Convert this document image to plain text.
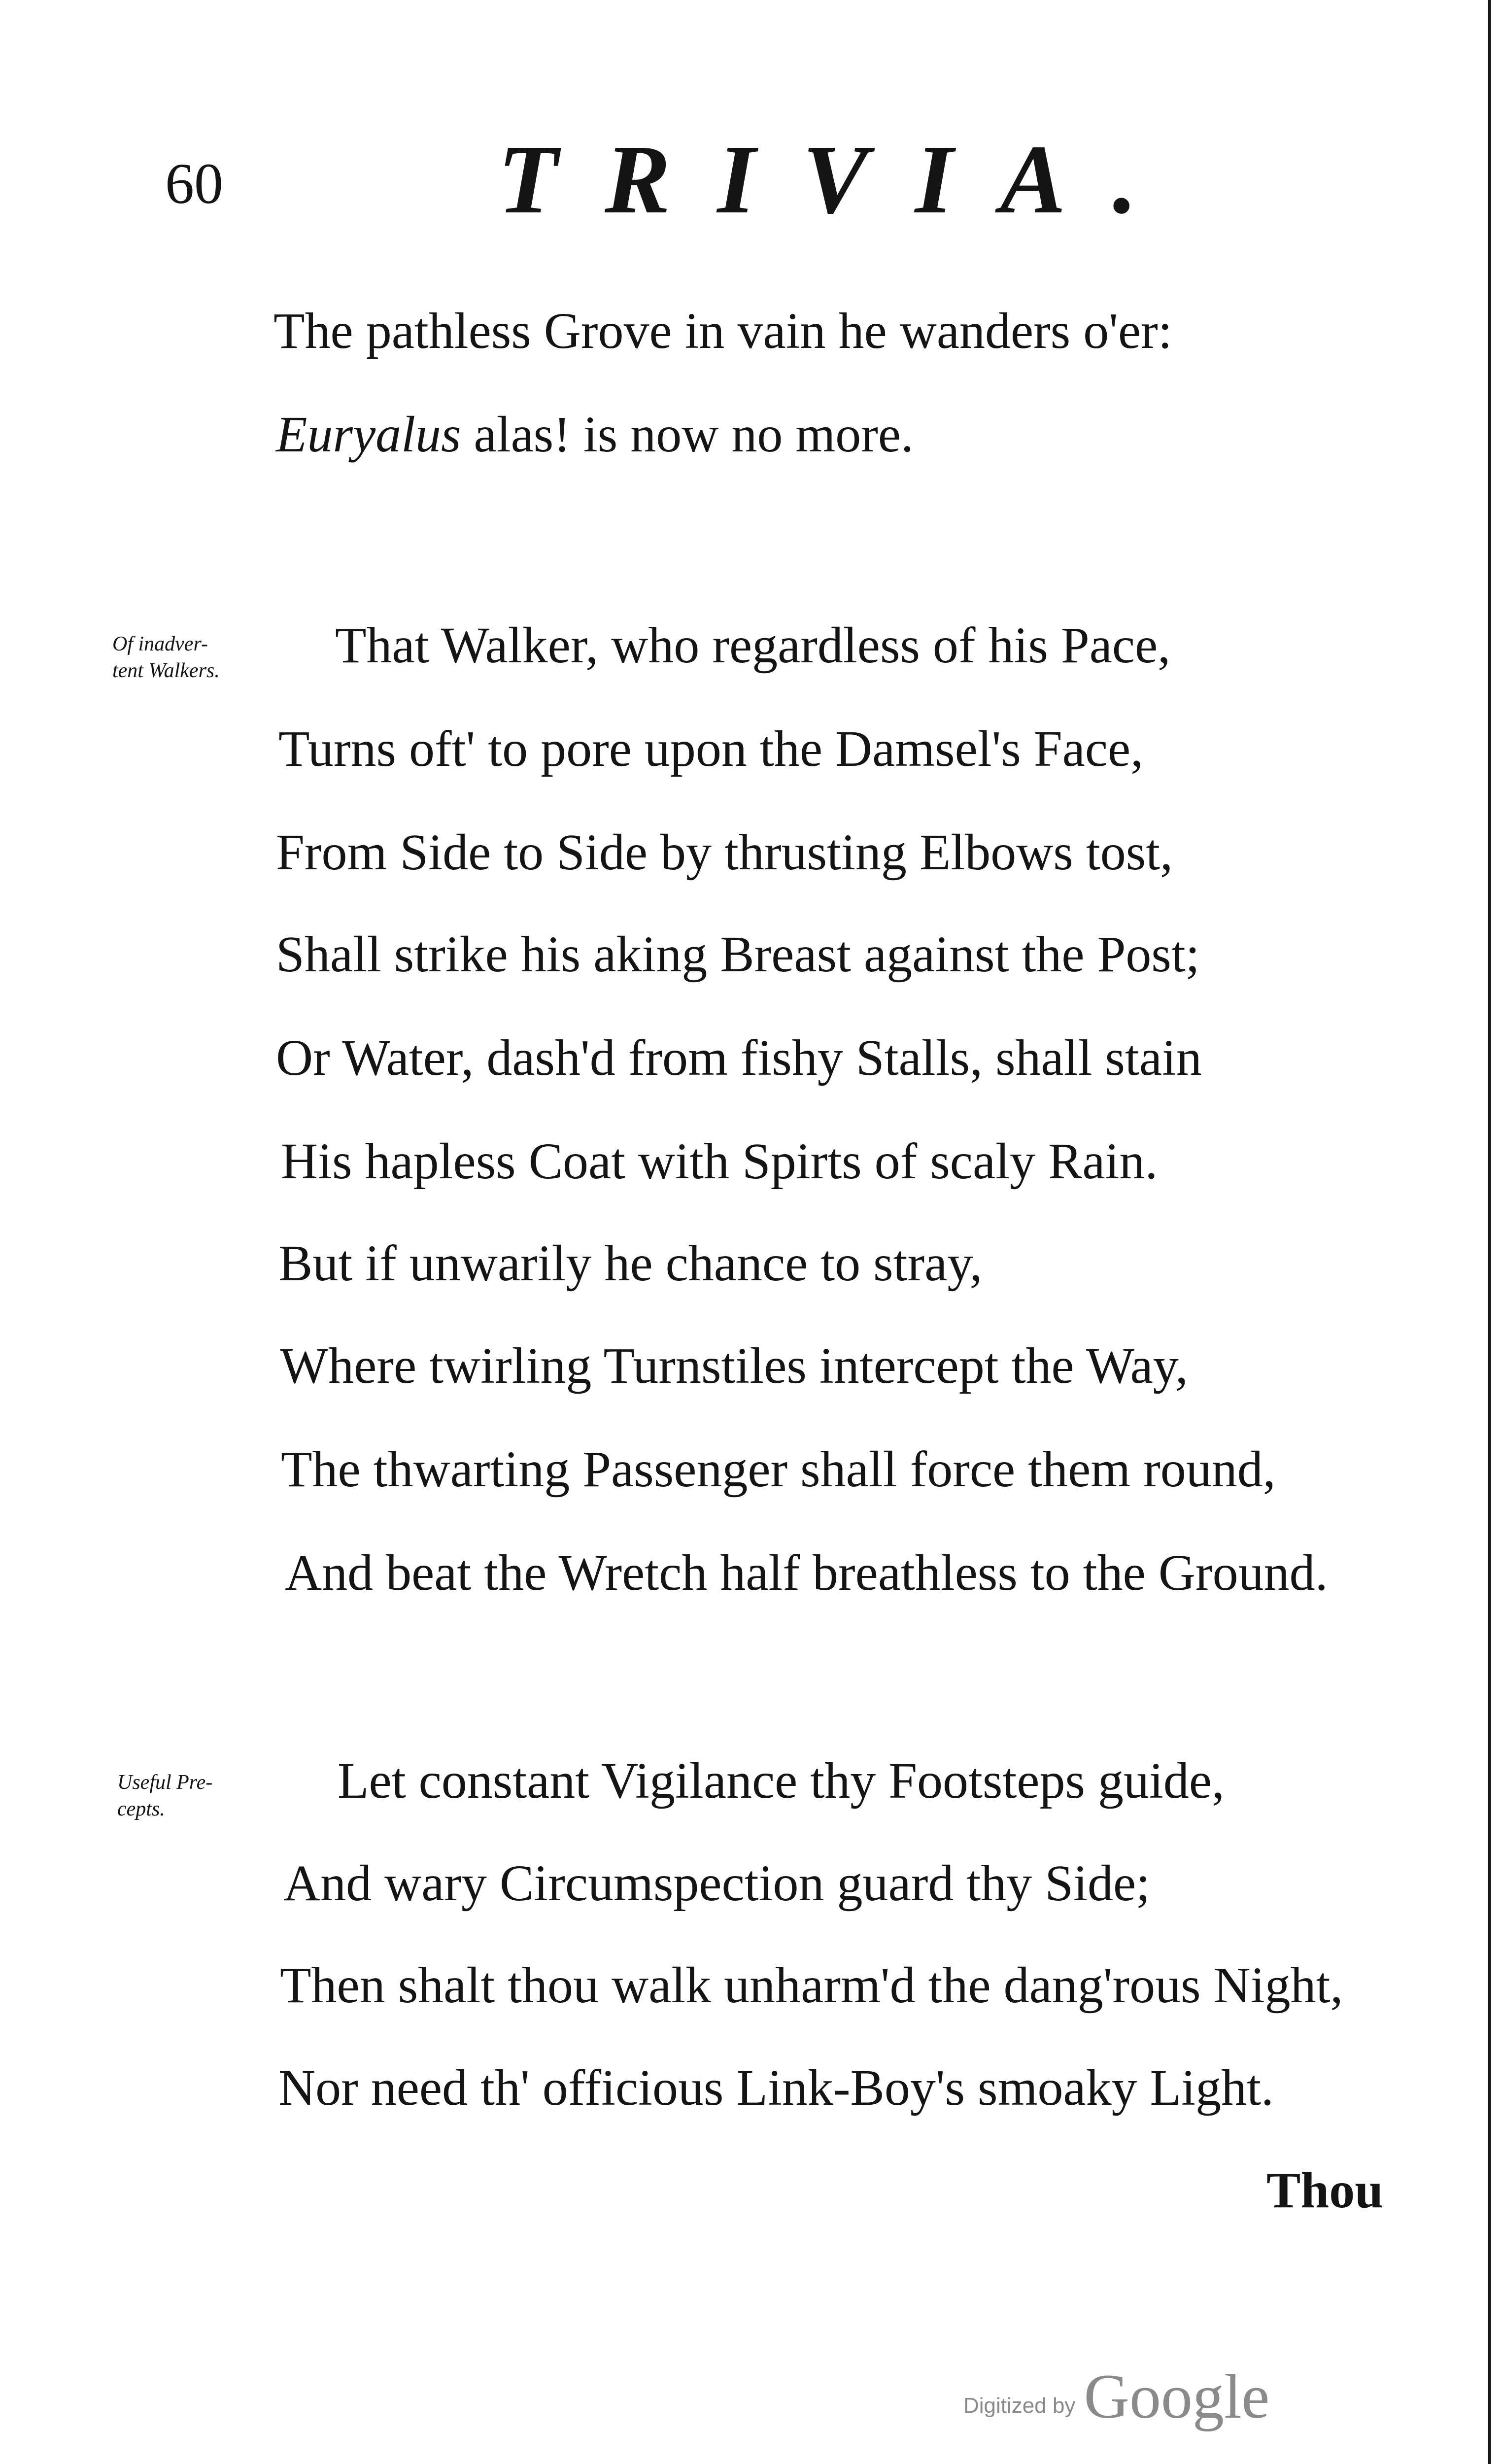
60	TRIVIA.
The pathless Grove in vain he wanders o'er:
Euryalus alas! is now no more.
Of inadver-
tent Walkers.	That Walker, who regardless of his Pace,
Turns oft' to pore upon the Damsel's Face,
From Side to Side by thrusting Elbows tost,
Shall strike his aking Breast against the Post;
Or Water, dash'd from fishy Stalls, shall stain
His hapless Coat with Spirts of scaly Rain.
But if unwarily he chance to stray,
Where twirling Turnstiles intercept the Way,
The thwarting Passenger shall force them round,
And beat the Wretch half breathless to the Ground.
Useful Pre-
cepts.	Let constant Vigilance thy Footsteps guide,
And wary Circumspection guard thy Side;
Then shalt thou walk unharm'd the dang'rous Night,
Nor need th' officious Link-Boy's smoaky Light.
Thou
Digitized by Google
